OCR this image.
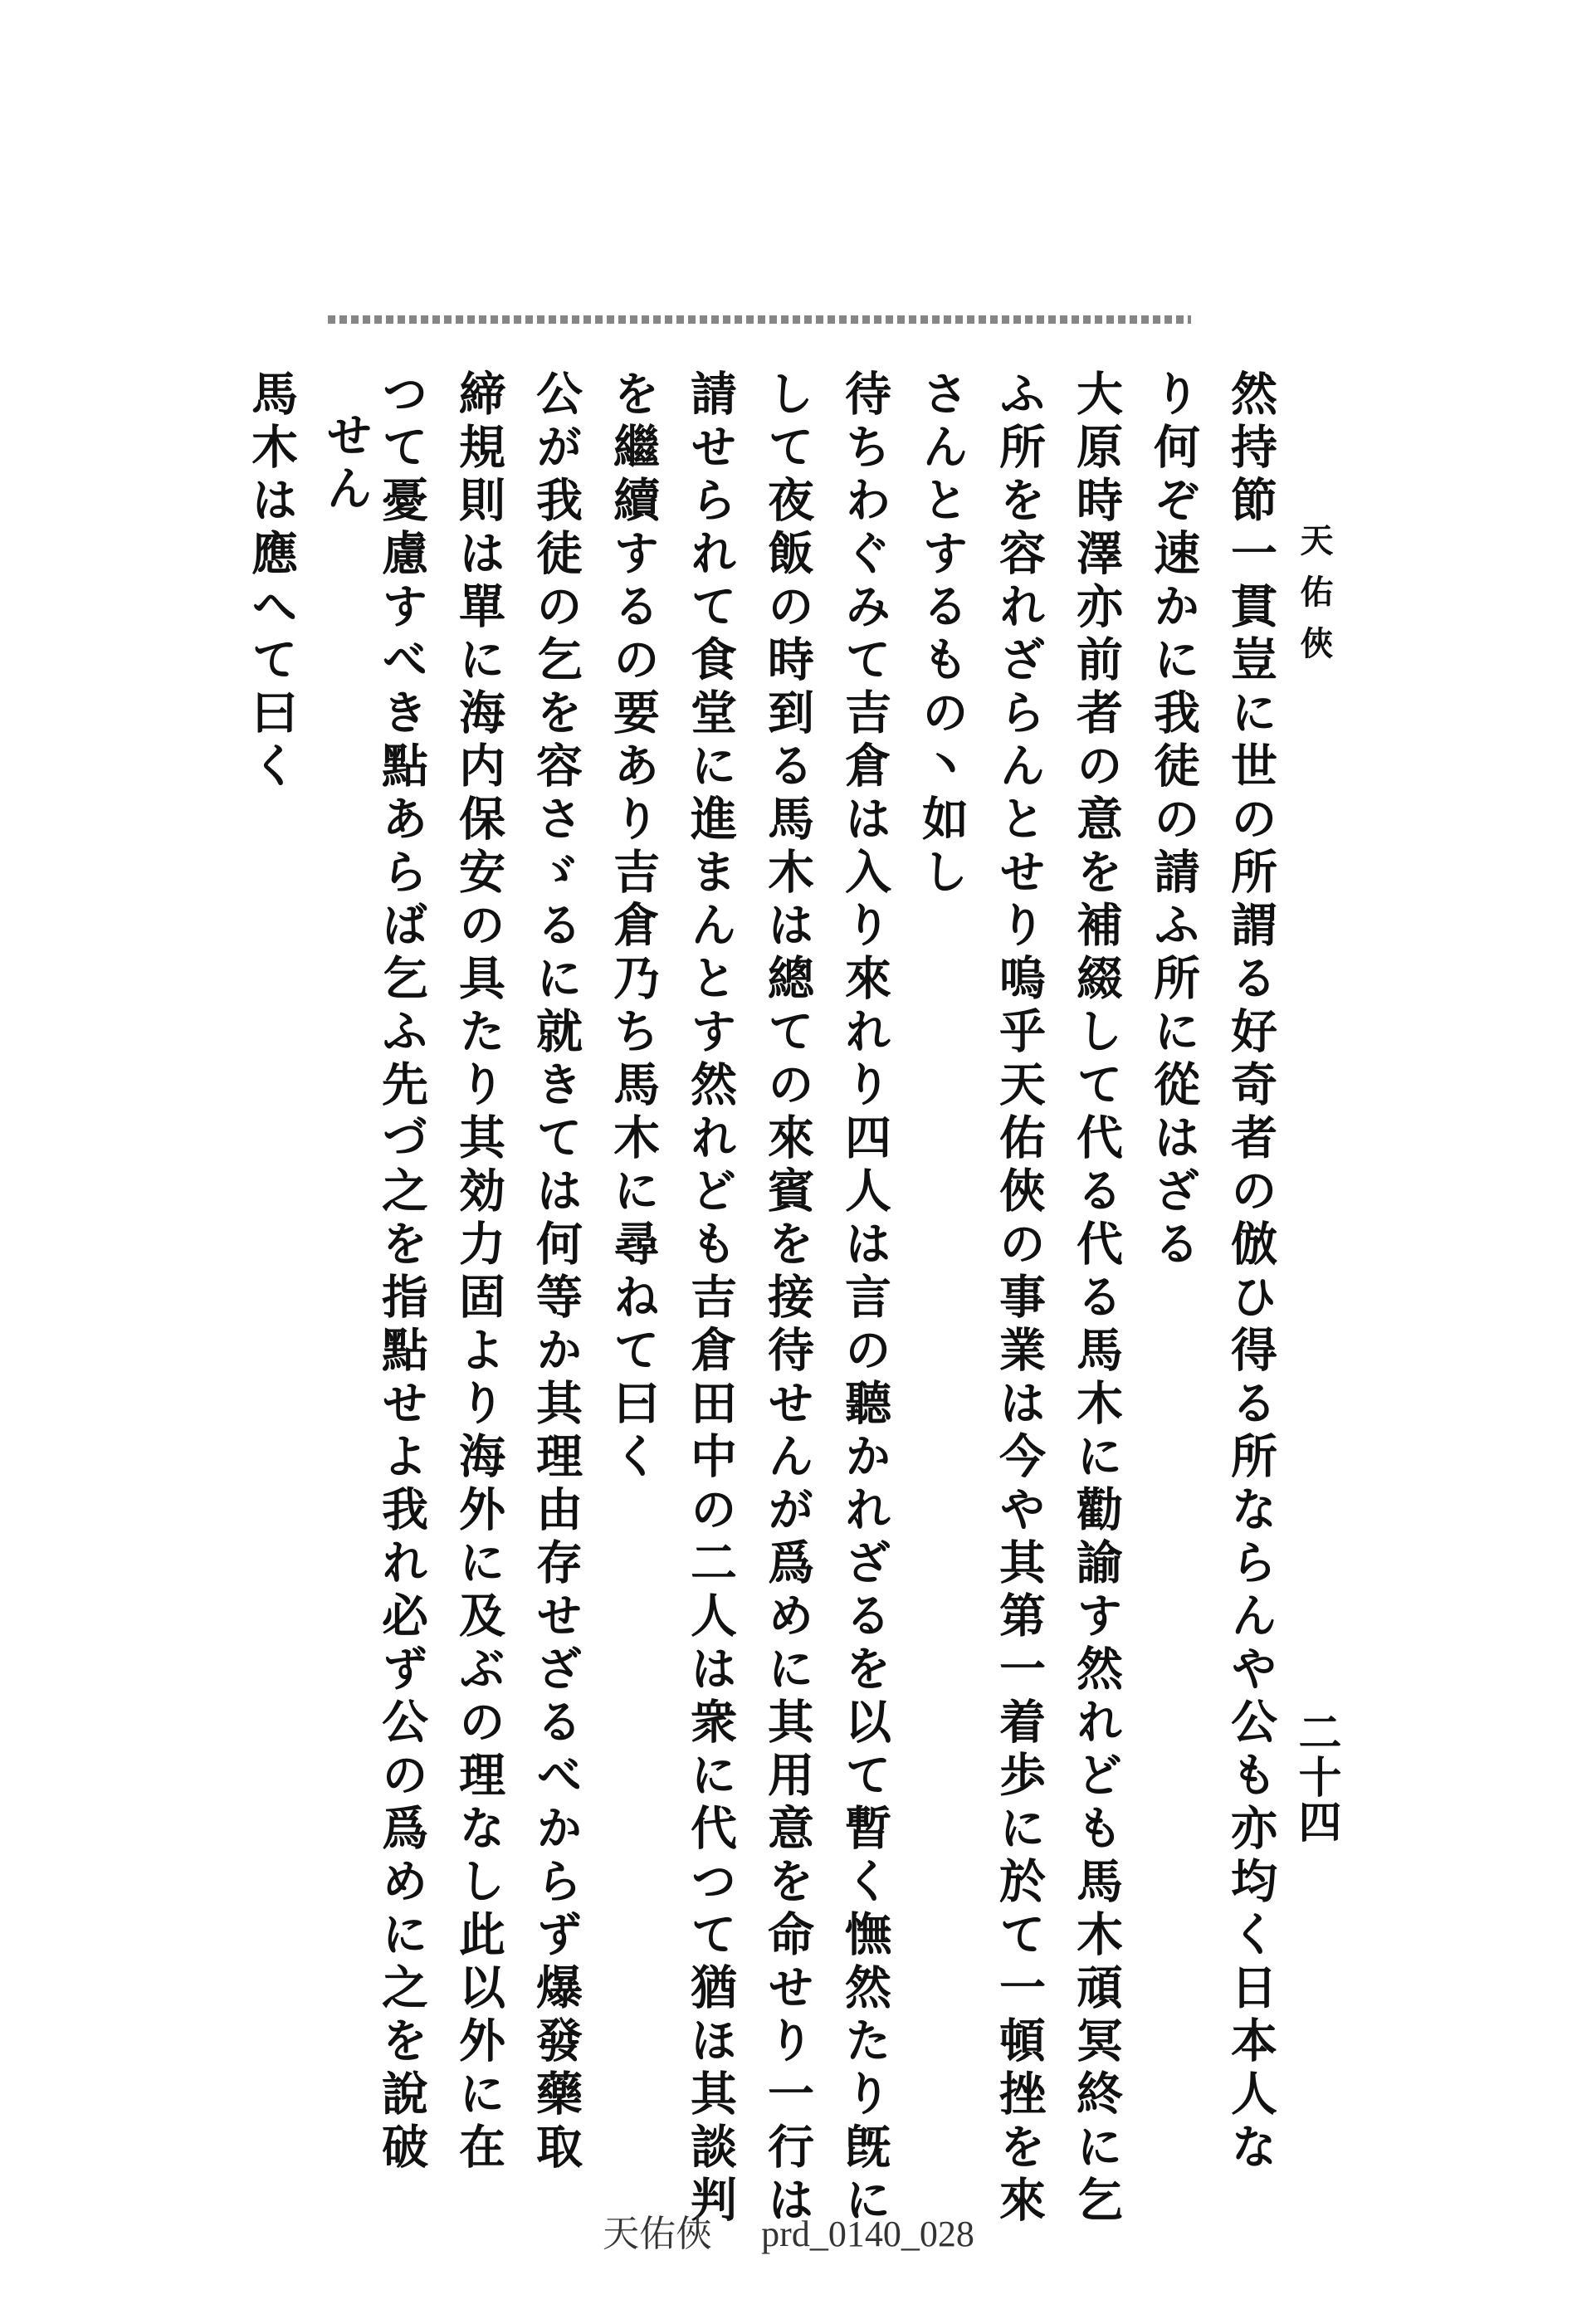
天佑俠
二十四
然持節一貫豈に世の所謂る好奇者の倣ひ得る所ならんや公も亦均く日本人な
り何ぞ速かに我徒の請ふ所に從はざる
大原時澤亦前者の意を補綴して代る代る馬木に勸諭す然れども馬木頑冥終に乞
ふ所を容れざらんとせり嗚乎天佑俠の事業は今や其第一着歩に於て一頓挫を來
さんとするもの丶如し
待ちわぐみて吉倉は入り來れり四人は言の聽かれざるを以て暫く憮然たり旣に
して夜飯の時到る馬木は總ての來賓を接待せんが爲めに其用意を命せり一行は
請せられて食堂に進まんとす然れども吉倉田中の二人は衆に代つて猶ほ其談判
を繼續するの要あり吉倉乃ち馬木に尋ねて曰く
公が我徒の乞を容さゞるに就きては何等か其理由存せざるべからず爆發藥取
締規則は單に海内保安の具たり其効力固より海外に及ぶの理なし此以外に在
つて憂慮すべき點あらば乞ふ先づ之を指點せよ我れ必ず公の爲めに之を說破
せん
馬木は應へて曰く
天佑俠 prd_0140_028
